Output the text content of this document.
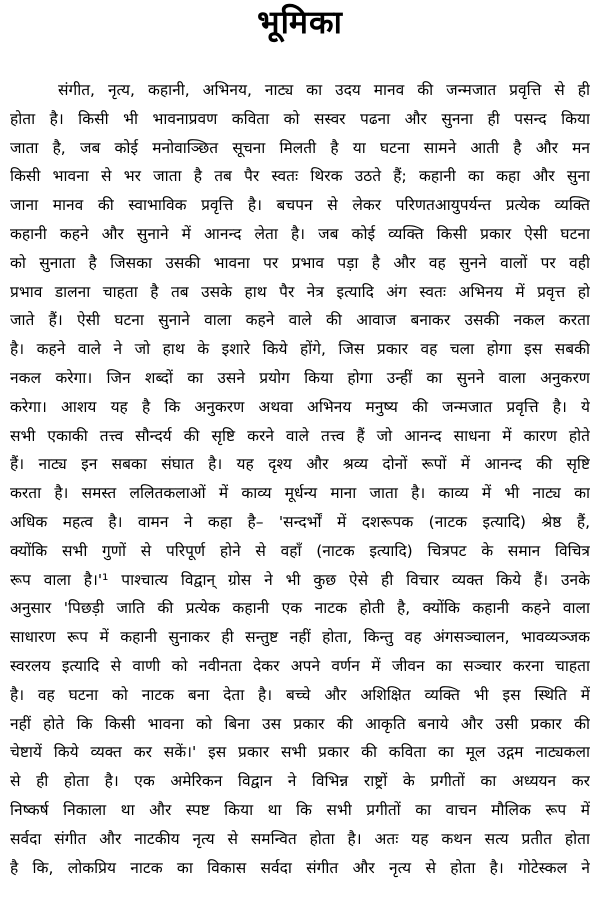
भूमिका
संगीत, नृत्य, कहानी, अभिनय, नाट्य का उदय मानव की जन्मजात प्रवृत्ति से ही
होता है। किसी भी भावनाप्रवण कविता को सस्वर पढना और सुनना ही पसन्द किया
जाता है, जब कोई मनोवाञ्छित सूचना मिलती है या घटना सामने आती है और मन
किसी भावना से भर जाता है तब पैर स्वतः थिरक उठते हैं; कहानी का कहा और सुना
जाना मानव की स्वाभाविक प्रवृत्ति है। बचपन से लेकर परिणतआयुपर्यन्त प्रत्येक व्यक्ति
कहानी कहने और सुनाने में आनन्द लेता है। जब कोई व्यक्ति किसी प्रकार ऐसी घटना
को सुनाता है जिसका उसकी भावना पर प्रभाव पड़ा है और वह सुनने वालों पर वही
प्रभाव डालना चाहता है तब उसके हाथ पैर नेत्र इत्यादि अंग स्वतः अभिनय में प्रवृत्त हो
जाते हैं। ऐसी घटना सुनाने वाला कहने वाले की आवाज बनाकर उसकी नकल करता
है। कहने वाले ने जो हाथ के इशारे किये होंगे, जिस प्रकार वह चला होगा इस सबकी
नकल करेगा। जिन शब्दों का उसने प्रयोग किया होगा उन्हीं का सुनने वाला अनुकरण
करेगा। आशय यह है कि अनुकरण अथवा अभिनय मनुष्य की जन्मजात प्रवृत्ति है। ये
सभी एकाकी तत्त्व सौन्दर्य की सृष्टि करने वाले तत्त्व हैं जो आनन्द साधना में कारण होते
हैं। नाट्य इन सबका संघात है। यह दृश्य और श्रव्य दोनों रूपों में आनन्द की सृष्टि
करता है। समस्त ललितकलाओं में काव्य मूर्धन्य माना जाता है। काव्य में भी नाट्य का
अधिक महत्व है। वामन ने कहा है– 'सन्दर्भों में दशरूपक (नाटक इत्यादि) श्रेष्ठ हैं,
क्योंकि सभी गुणों से परिपूर्ण होने से वहाँ (नाटक इत्यादि) चित्रपट के समान विचित्र
रूप वाला है।'¹ पाश्चात्य विद्वान् ग्रोस ने भी कुछ ऐसे ही विचार व्यक्त किये हैं। उनके
अनुसार 'पिछड़ी जाति की प्रत्येक कहानी एक नाटक होती है, क्योंकि कहानी कहने वाला
साधारण रूप में कहानी सुनाकर ही सन्तुष्ट नहीं होता, किन्तु वह अंगसञ्चालन, भावव्यञ्जक
स्वरलय इत्यादि से वाणी को नवीनता देकर अपने वर्णन में जीवन का सञ्चार करना चाहता
है। वह घटना को नाटक बना देता है। बच्चे और अशिक्षित व्यक्ति भी इस स्थिति में
नहीं होते कि किसी भावना को बिना उस प्रकार की आकृति बनाये और उसी प्रकार की
चेष्टायें किये व्यक्त कर सकें।' इस प्रकार सभी प्रकार की कविता का मूल उद्गम नाट्यकला
से ही होता है। एक अमेरिकन विद्वान ने विभिन्न राष्ट्रों के प्रगीतों का अध्ययन कर
निष्कर्ष निकाला था और स्पष्ट किया था कि सभी प्रगीतों का वाचन मौलिक रूप में
सर्वदा संगीत और नाटकीय नृत्य से समन्वित होता है। अतः यह कथन सत्य प्रतीत होता
है कि, लोकप्रिय नाटक का विकास सर्वदा संगीत और नृत्य से होता है। गोटेस्कल ने
